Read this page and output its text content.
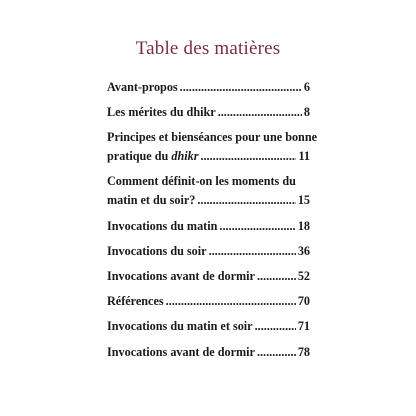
Table des matières
Avant-propos .....	6
Les mérites du dhikr .....	8
Principes et bienséances pour une bonne
pratique du dhikr .....	11
Comment définit-on les moments du
matin et du soir? .....	15
Invocations du matin .....	18
Invocations du soir .....	36
Invocations avant de dormir .....	52
Références .....	70
Invocations du matin et soir .....	71
Invocations avant de dormir .....	78
